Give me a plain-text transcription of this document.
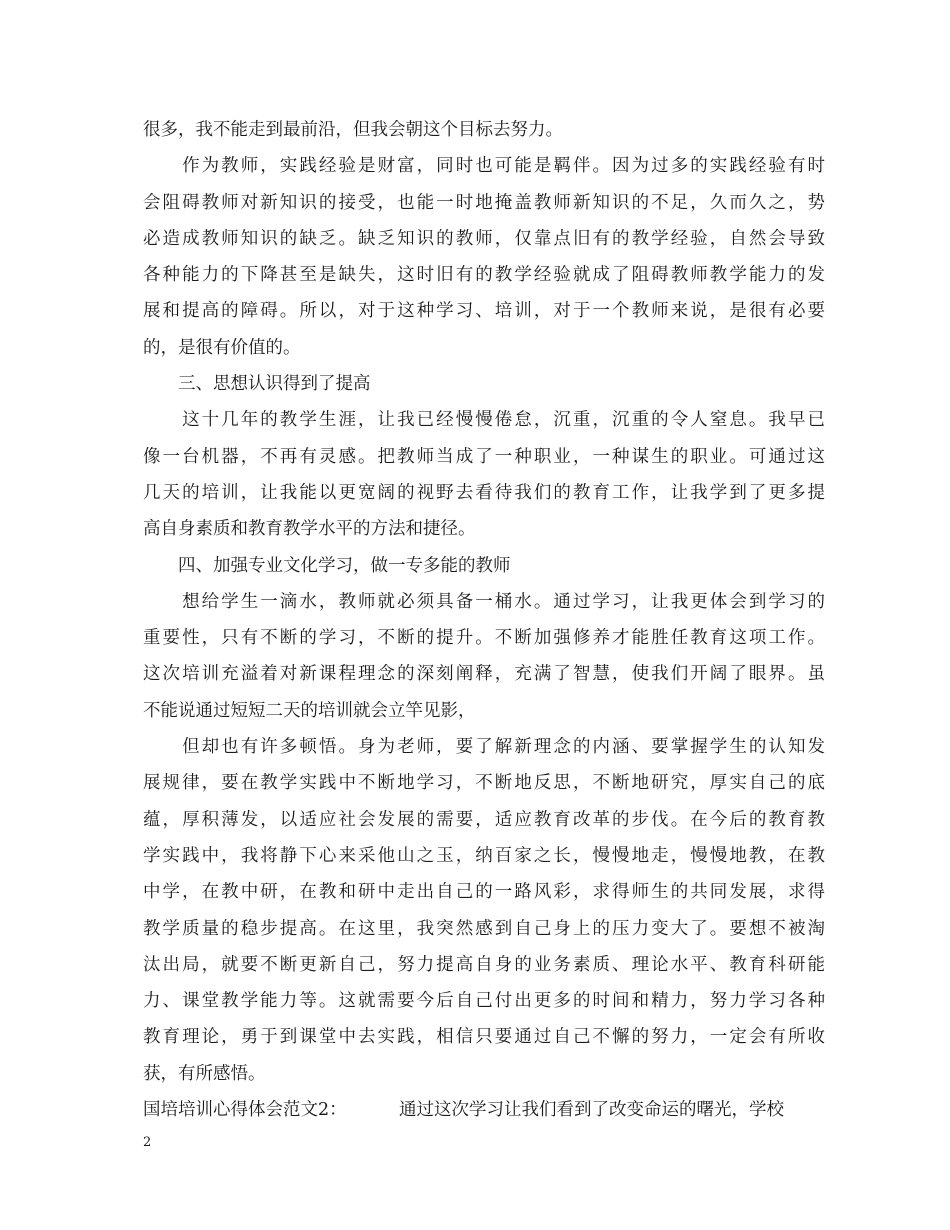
很多，我不能走到最前沿，但我会朝这个目标去努力。

　　作为教师，实践经验是财富，同时也可能是羁伴。因为过多的实践经验有时

会阻碍教师对新知识的接受，也能一时地掩盖教师新知识的不足，久而久之，势

必造成教师知识的缺乏。缺乏知识的教师，仅靠点旧有的教学经验，自然会导致

各种能力的下降甚至是缺失，这时旧有的教学经验就成了阻碍教师教学能力的发

展和提高的障碍。所以，对于这种学习、培训，对于一个教师来说，是很有必要

的，是很有价值的。

　　三、思想认识得到了提高

　　这十几年的教学生涯，让我已经慢慢倦怠，沉重，沉重的令人窒息。我早已

像一台机器，不再有灵感。把教师当成了一种职业，一种谋生的职业。可通过这

几天的培训，让我能以更宽阔的视野去看待我们的教育工作，让我学到了更多提

高自身素质和教育教学水平的方法和捷径。

　　四、加强专业文化学习，做一专多能的教师

　　想给学生一滴水，教师就必须具备一桶水。通过学习，让我更体会到学习的

重要性，只有不断的学习，不断的提升。不断加强修养才能胜任教育这项工作。

这次培训充溢着对新课程理念的深刻阐释，充满了智慧，使我们开阔了眼界。虽

不能说通过短短二天的培训就会立竿见影，

　　但却也有许多顿悟。身为老师，要了解新理念的内涵、要掌握学生的认知发

展规律，要在教学实践中不断地学习，不断地反思，不断地研究，厚实自己的底

蕴，厚积薄发，以适应社会发展的需要，适应教育改革的步伐。在今后的教育教

学实践中，我将静下心来采他山之玉，纳百家之长，慢慢地走，慢慢地教，在教

中学，在教中研，在教和研中走出自己的一路风彩，求得师生的共同发展，求得

教学质量的稳步提高。在这里，我突然感到自己身上的压力变大了。要想不被淘

汰出局，就要不断更新自己，努力提高自身的业务素质、理论水平、教育科研能

力、课堂教学能力等。这就需要今后自己付出更多的时间和精力，努力学习各种

教育理论，勇于到课堂中去实践，相信只要通过自己不懈的努力，一定会有所收

获，有所感悟。

国培培训心得体会范文2：	通过这次学习让我们看到了改变命运的曙光，学校

2
